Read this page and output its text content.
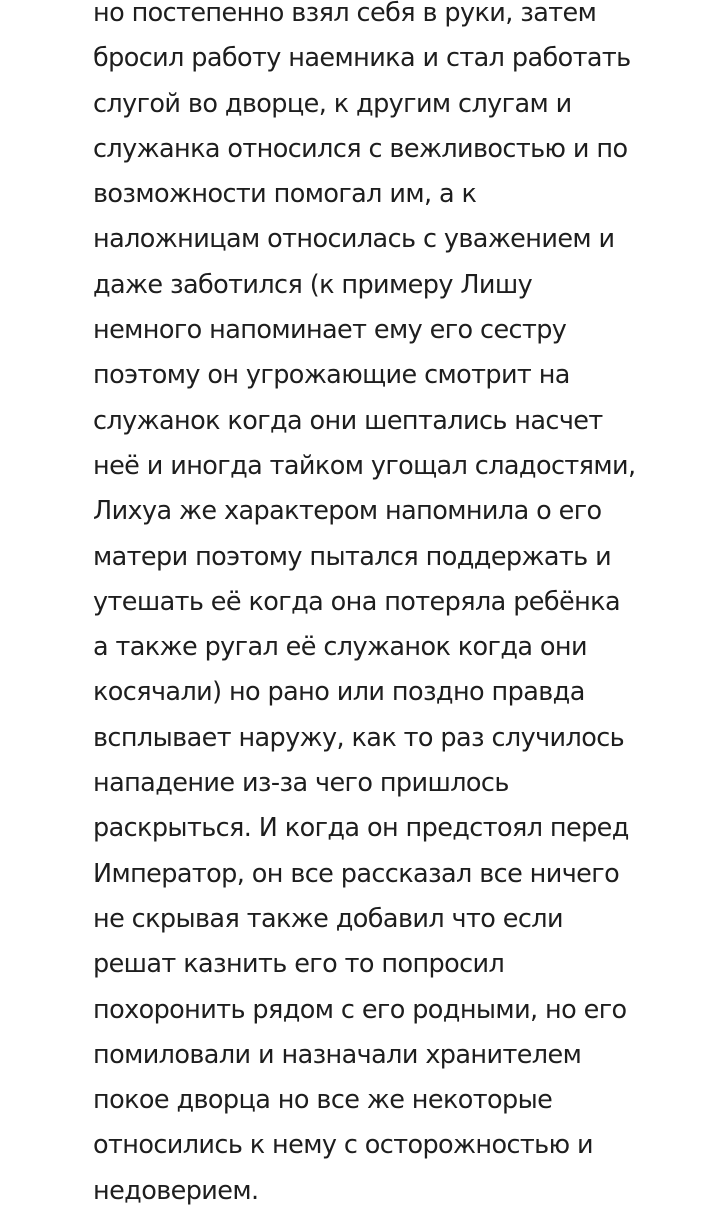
но постепенно взял себя в руки, затем
бросил работу наемника и стал работать
слугой во дворце, к другим слугам и
служанка относился с вежливостью и по
возможности помогал им, а к
наложницам относилась с уважением и
даже заботился (к примеру Лишу
немного напоминает ему его сестру
поэтому он угрожающие смотрит на
служанок когда они шептались насчет
неё и иногда тайком угощал сладостями,
Лихуа же характером напомнила о его
матери поэтому пытался поддержать и
утешать её когда она потеряла ребёнка
а также ругал её служанок когда они
косячали) но рано или поздно правда
всплывает наружу, как то раз случилось
нападение из-за чего пришлось
раскрыться. И когда он предстоял перед
Император, он все рассказал все ничего
не скрывая также добавил что если
решат казнить его то попросил
похоронить рядом с его родными, но его
помиловали и назначали хранителем
покое дворца но все же некоторые
относились к нему с осторожностью и
недоверием.
